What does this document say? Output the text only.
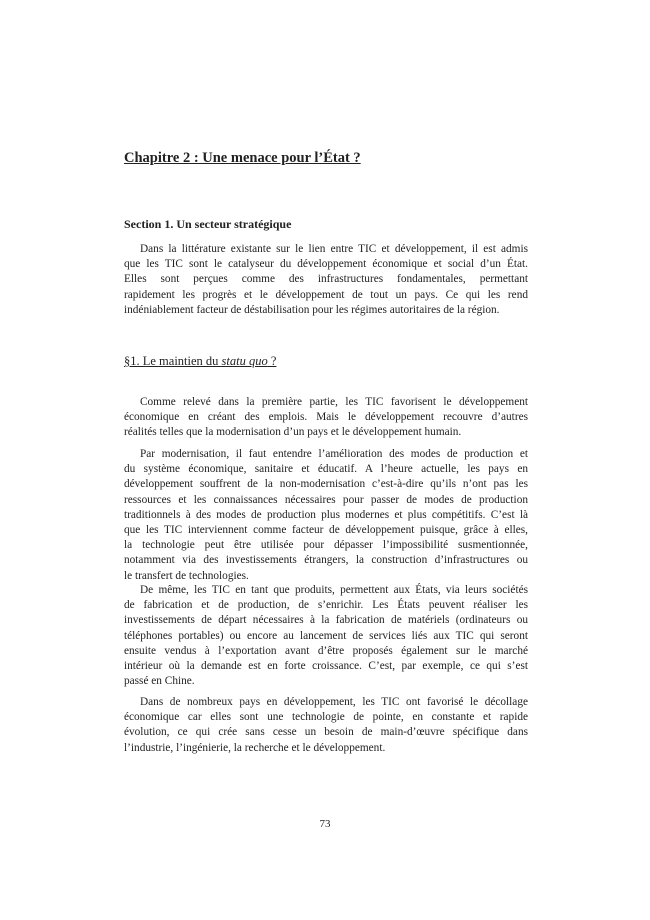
Chapitre 2 : Une menace pour l’État ?
Section 1. Un secteur stratégique
Dans la littérature existante sur le lien entre TIC et développement, il est admis
que les TIC sont le catalyseur du développement économique et social d’un État.
Elles sont perçues comme des infrastructures fondamentales, permettant
rapidement les progrès et le développement de tout un pays. Ce qui les rend
indéniablement facteur de déstabilisation pour les régimes autoritaires de la région.
§1. Le maintien du statu quo ?
Comme relevé dans la première partie, les TIC favorisent le développement
économique en créant des emplois. Mais le développement recouvre d’autres
réalités telles que la modernisation d’un pays et le développement humain.
Par modernisation, il faut entendre l’amélioration des modes de production et
du système économique, sanitaire et éducatif. A l’heure actuelle, les pays en
développement souffrent de la non-modernisation c’est-à-dire qu’ils n’ont pas les
ressources et les connaissances nécessaires pour passer de modes de production
traditionnels à des modes de production plus modernes et plus compétitifs. C’est là
que les TIC interviennent comme facteur de développement puisque, grâce à elles,
la technologie peut être utilisée pour dépasser l’impossibilité susmentionnée,
notamment via des investissements étrangers, la construction d’infrastructures ou
le transfert de technologies.
De même, les TIC en tant que produits, permettent aux États, via leurs sociétés
de fabrication et de production, de s’enrichir. Les États peuvent réaliser les
investissements de départ nécessaires à la fabrication de matériels (ordinateurs ou
téléphones portables) ou encore au lancement de services liés aux TIC qui seront
ensuite vendus à l’exportation avant d’être proposés également sur le marché
intérieur où la demande est en forte croissance. C’est, par exemple, ce qui s’est
passé en Chine.
Dans de nombreux pays en développement, les TIC ont favorisé le décollage
économique car elles sont une technologie de pointe, en constante et rapide
évolution, ce qui crée sans cesse un besoin de main-d’œuvre spécifique dans
l’industrie, l’ingénierie, la recherche et le développement.
73
